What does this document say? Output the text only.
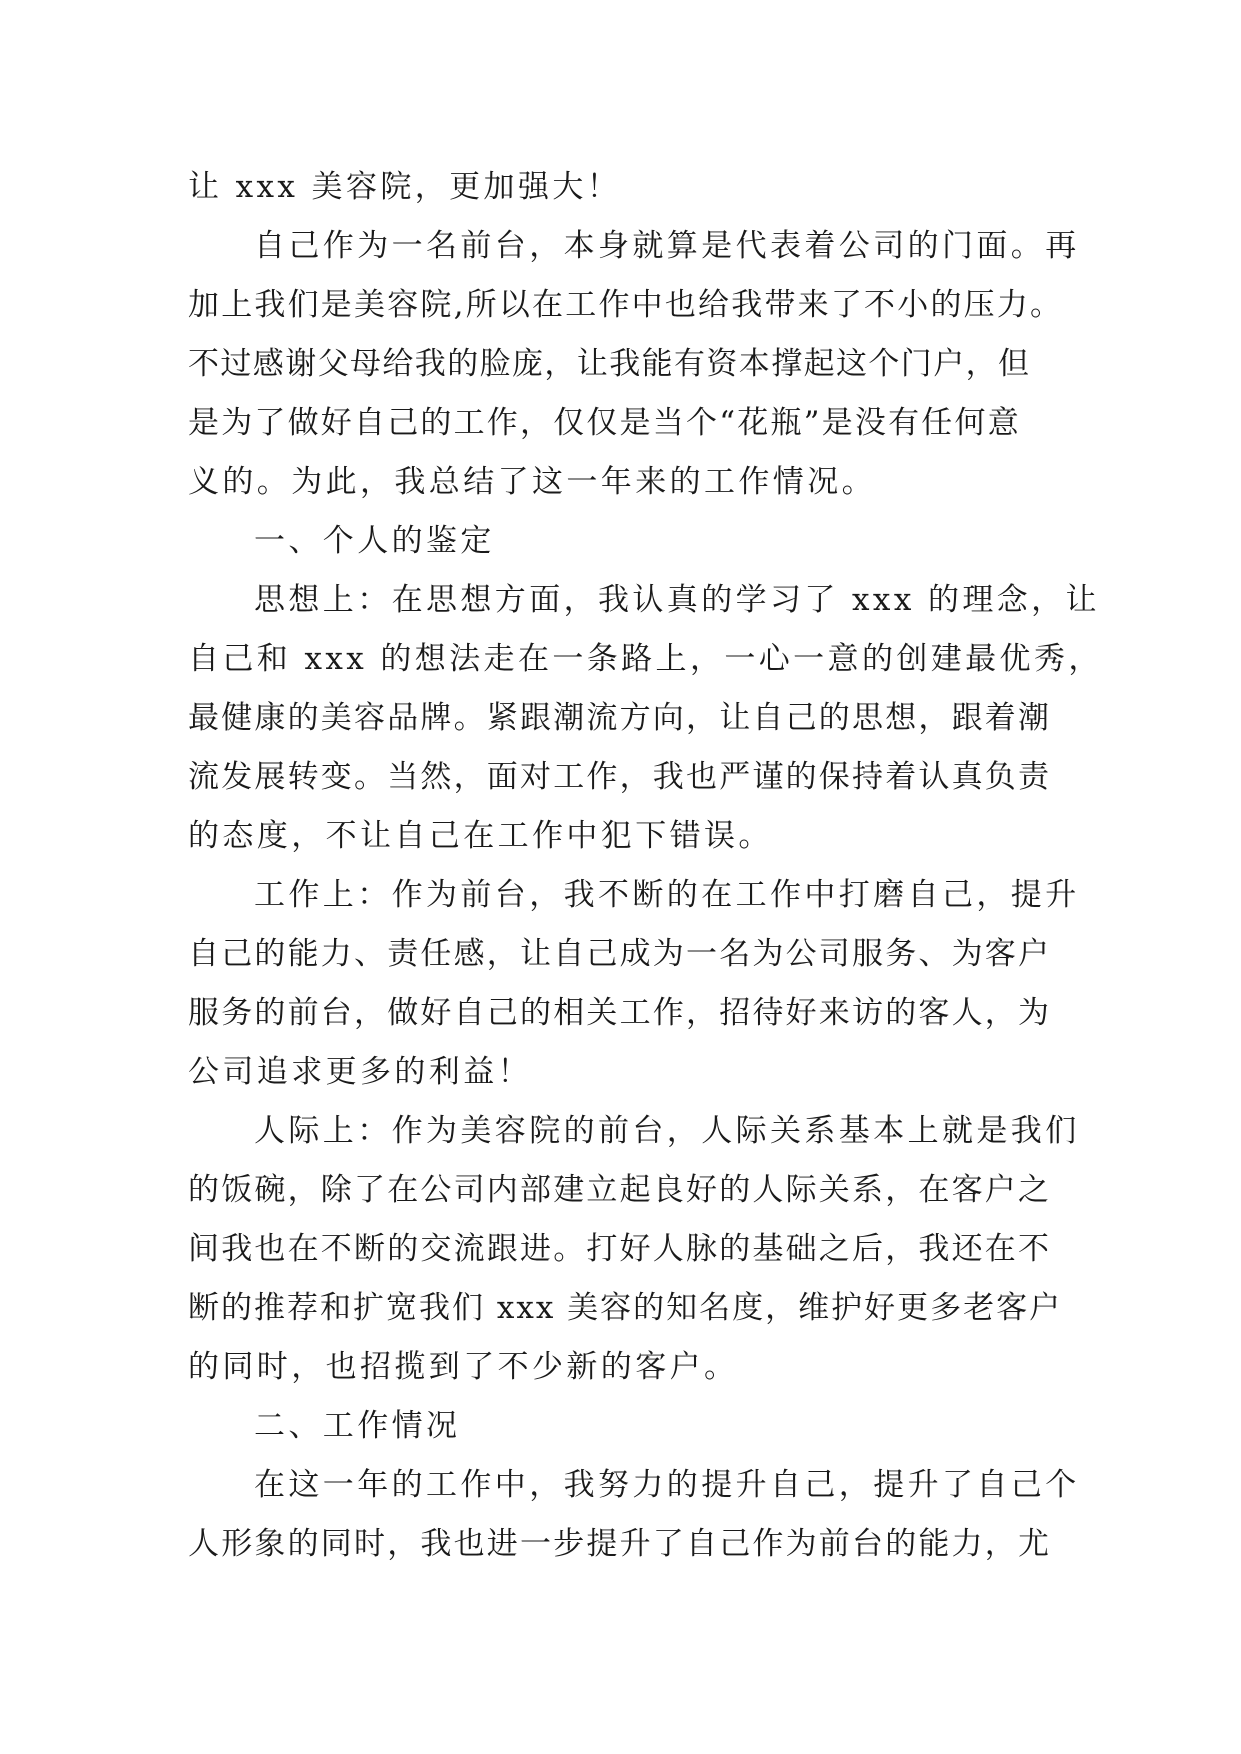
让 xxx 美容院，更加强大！
自己作为一名前台，本身就算是代表着公司的门面。再
加上我们是美容院,所以在工作中也给我带来了不小的压力。
不过感谢父母给我的脸庞，让我能有资本撑起这个门户，但
是为了做好自己的工作，仅仅是当个“花瓶”是没有任何意
义的。为此，我总结了这一年来的工作情况。
一、个人的鉴定
思想上：在思想方面，我认真的学习了 xxx 的理念，让
自己和 xxx 的想法走在一条路上，一心一意的创建最优秀，
最健康的美容品牌。紧跟潮流方向，让自己的思想，跟着潮
流发展转变。当然，面对工作，我也严谨的保持着认真负责
的态度，不让自己在工作中犯下错误。
工作上：作为前台，我不断的在工作中打磨自己，提升
自己的能力、责任感，让自己成为一名为公司服务、为客户
服务的前台，做好自己的相关工作，招待好来访的客人，为
公司追求更多的利益！
人际上：作为美容院的前台，人际关系基本上就是我们
的饭碗，除了在公司内部建立起良好的人际关系，在客户之
间我也在不断的交流跟进。打好人脉的基础之后，我还在不
断的推荐和扩宽我们 xxx 美容的知名度，维护好更多老客户
的同时，也招揽到了不少新的客户。
二、工作情况
在这一年的工作中，我努力的提升自己，提升了自己个
人形象的同时，我也进一步提升了自己作为前台的能力，尤
